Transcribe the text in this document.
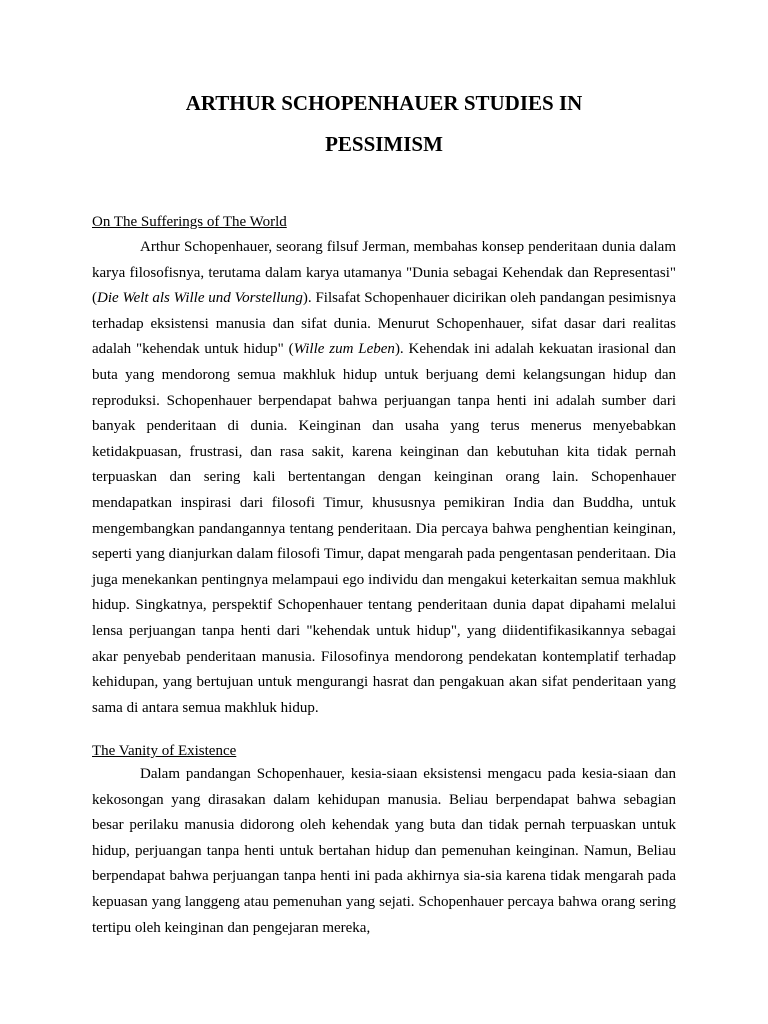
ARTHUR SCHOPENHAUER STUDIES IN
PESSIMISM
On The Sufferings of The World

Arthur Schopenhauer, seorang filsuf Jerman, membahas konsep penderitaan dunia dalam karya filosofisnya, terutama dalam karya utamanya "Dunia sebagai Kehendak dan Representasi" (Die Welt als Wille und Vorstellung). Filsafat Schopenhauer dicirikan oleh pandangan pesimisnya terhadap eksistensi manusia dan sifat dunia. Menurut Schopenhauer, sifat dasar dari realitas adalah "kehendak untuk hidup" (Wille zum Leben). Kehendak ini adalah kekuatan irasional dan buta yang mendorong semua makhluk hidup untuk berjuang demi kelangsungan hidup dan reproduksi. Schopenhauer berpendapat bahwa perjuangan tanpa henti ini adalah sumber dari banyak penderitaan di dunia. Keinginan dan usaha yang terus menerus menyebabkan ketidakpuasan, frustrasi, dan rasa sakit, karena keinginan dan kebutuhan kita tidak pernah terpuaskan dan sering kali bertentangan dengan keinginan orang lain. Schopenhauer mendapatkan inspirasi dari filosofi Timur, khususnya pemikiran India dan Buddha, untuk mengembangkan pandangannya tentang penderitaan. Dia percaya bahwa penghentian keinginan, seperti yang dianjurkan dalam filosofi Timur, dapat mengarah pada pengentasan penderitaan. Dia juga menekankan pentingnya melampaui ego individu dan mengakui keterkaitan semua makhluk hidup. Singkatnya, perspektif Schopenhauer tentang penderitaan dunia dapat dipahami melalui lensa perjuangan tanpa henti dari "kehendak untuk hidup", yang diidentifikasikannya sebagai akar penyebab penderitaan manusia. Filosofinya mendorong pendekatan kontemplatif terhadap kehidupan, yang bertujuan untuk mengurangi hasrat dan pengakuan akan sifat penderitaan yang sama di antara semua makhluk hidup.

The Vanity of Existence

Dalam pandangan Schopenhauer, kesia-siaan eksistensi mengacu pada kesia-siaan dan kekosongan yang dirasakan dalam kehidupan manusia. Beliau berpendapat bahwa sebagian besar perilaku manusia didorong oleh kehendak yang buta dan tidak pernah terpuaskan untuk hidup, perjuangan tanpa henti untuk bertahan hidup dan pemenuhan keinginan. Namun, Beliau berpendapat bahwa perjuangan tanpa henti ini pada akhirnya sia-sia karena tidak mengarah pada kepuasan yang langgeng atau pemenuhan yang sejati. Schopenhauer percaya bahwa orang sering tertipu oleh keinginan dan pengejaran mereka,
